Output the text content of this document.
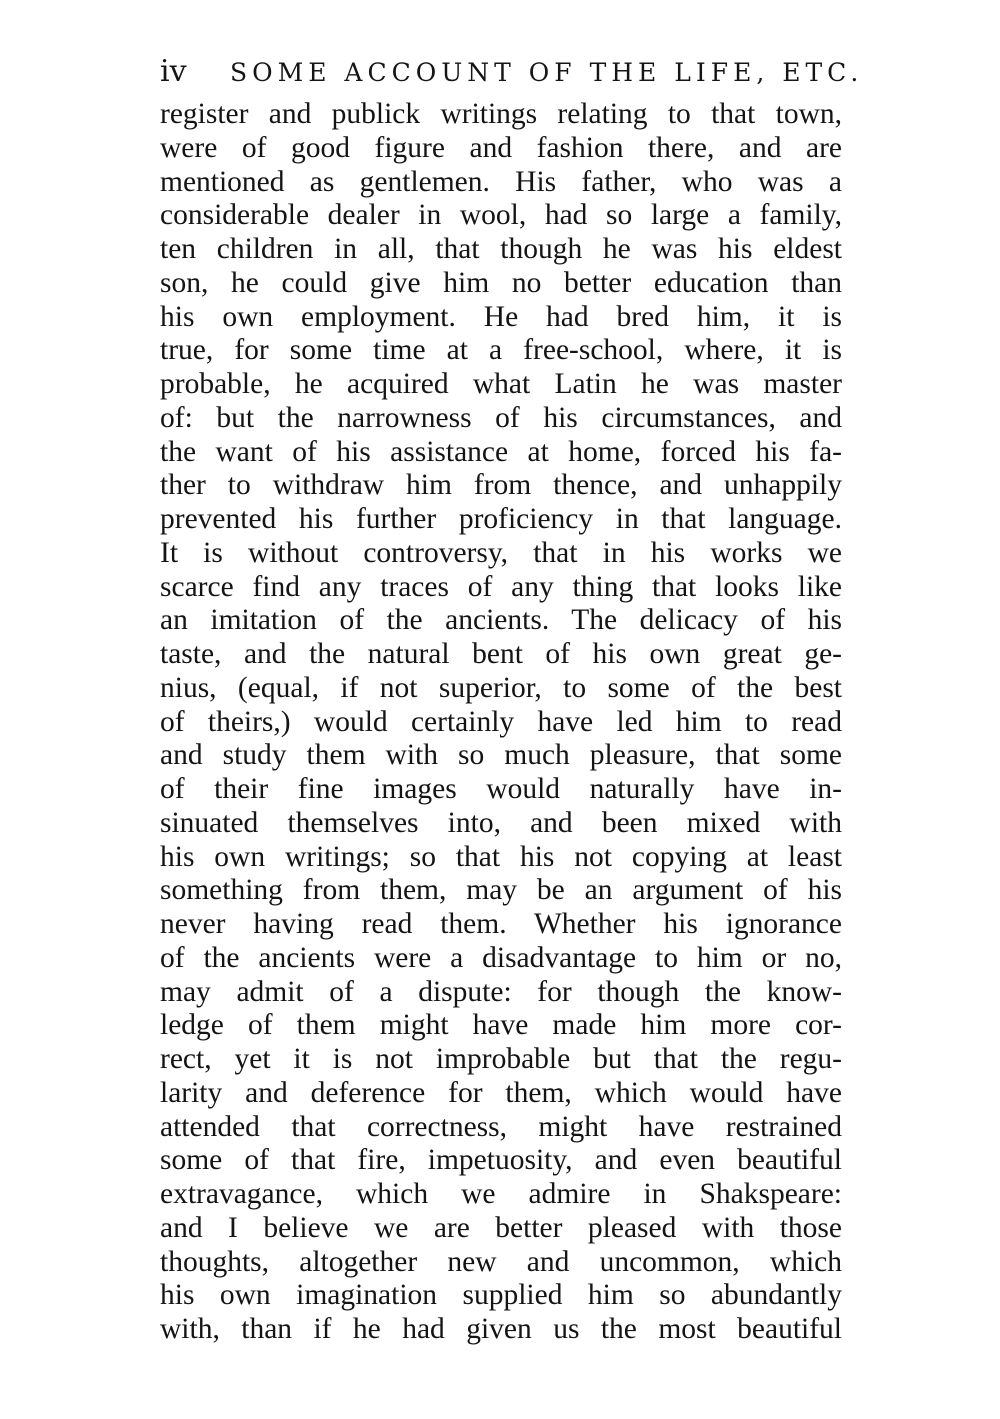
iv SOME ACCOUNT OF THE LIFE, ETC.
register and publick writings relating to that town,
were of good figure and fashion there, and are
mentioned as gentlemen. His father, who was a
considerable dealer in wool, had so large a family,
ten children in all, that though he was his eldest
son, he could give him no better education than
his own employment. He had bred him, it is
true, for some time at a free-school, where, it is
probable, he acquired what Latin he was master
of: but the narrowness of his circumstances, and
the want of his assistance at home, forced his fa-
ther to withdraw him from thence, and unhappily
prevented his further proficiency in that language.
It is without controversy, that in his works we
scarce find any traces of any thing that looks like
an imitation of the ancients. The delicacy of his
taste, and the natural bent of his own great ge-
nius, (equal, if not superior, to some of the best
of theirs,) would certainly have led him to read
and study them with so much pleasure, that some
of their fine images would naturally have in-
sinuated themselves into, and been mixed with
his own writings; so that his not copying at least
something from them, may be an argument of his
never having read them. Whether his ignorance
of the ancients were a disadvantage to him or no,
may admit of a dispute: for though the know-
ledge of them might have made him more cor-
rect, yet it is not improbable but that the regu-
larity and deference for them, which would have
attended that correctness, might have restrained
some of that fire, impetuosity, and even beautiful
extravagance, which we admire in Shakspeare:
and I believe we are better pleased with those
thoughts, altogether new and uncommon, which
his own imagination supplied him so abundantly
with, than if he had given us the most beautiful
